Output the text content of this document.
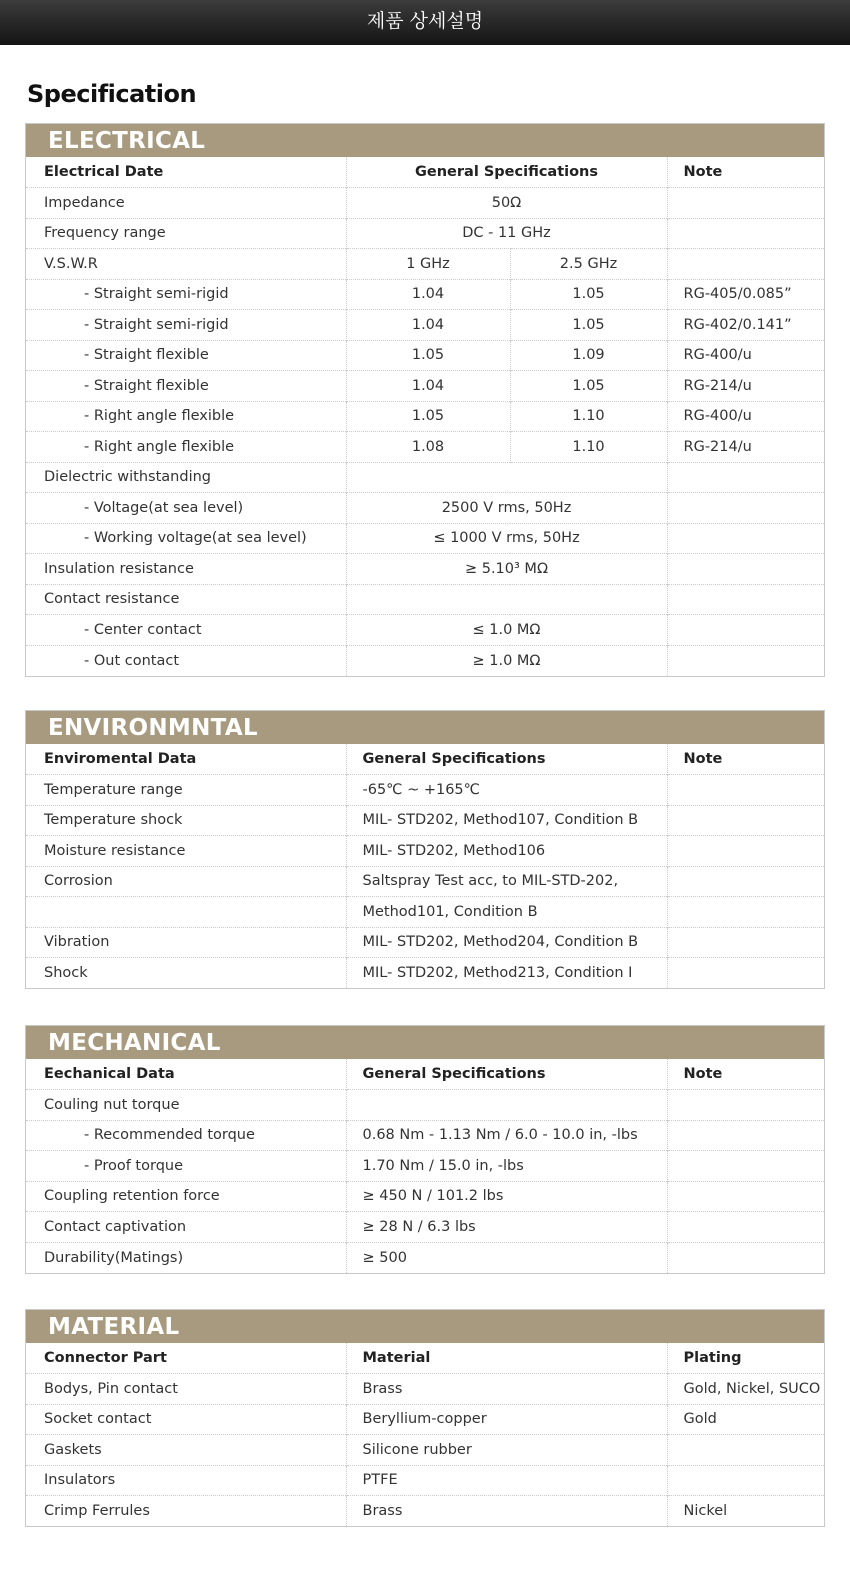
제품 상세설명
Specification
ELECTRICAL
Electrical Date	General Specifications		Note
Impedance	50Ω		
Frequency range	DC - 11 GHz		
V.S.W.R	1 GHz	2.5 GHz	
- Straight semi-rigid	1.04	1.05	RG-405/0.085”
- Straight semi-rigid	1.04	1.05	RG-402/0.141”
- Straight flexible	1.05	1.09	RG-400/u
- Straight flexible	1.04	1.05	RG-214/u
- Right angle flexible	1.05	1.10	RG-400/u
- Right angle flexible	1.08	1.10	RG-214/u
Dielectric withstanding			
- Voltage(at sea level)	2500 V rms, 50Hz		
- Working voltage(at sea level)	≤ 1000 V rms, 50Hz		
Insulation resistance	≥ 5.10³ MΩ		
Contact resistance			
- Center contact	≤ 1.0 MΩ		
- Out contact	≥ 1.0 MΩ		
ENVIRONMNTAL
Enviromental Data	General Specifications	Note
Temperature range	-65℃ ~ +165℃	
Temperature shock	MIL- STD202, Method107, Condition B	
Moisture resistance	MIL- STD202, Method106	
Corrosion	Saltspray Test acc, to MIL-STD-202,	
	Method101, Condition B	
Vibration	MIL- STD202, Method204, Condition B	
Shock	MIL- STD202, Method213, Condition I	
MECHANICAL
Eechanical Data	General Specifications	Note
Couling nut torque		
- Recommended torque	0.68 Nm - 1.13 Nm / 6.0 - 10.0 in, -lbs	
- Proof torque	1.70 Nm / 15.0 in, -lbs	
Coupling retention force	≥ 450 N / 101.2 lbs	
Contact captivation	≥ 28 N / 6.3 lbs	
Durability(Matings)	≥ 500	
MATERIAL
Connector Part	Material	Plating
Bodys, Pin contact	Brass	Gold, Nickel, SUCO
Socket contact	Beryllium-copper	Gold
Gaskets	Silicone rubber	
Insulators	PTFE	
Crimp Ferrules	Brass	Nickel
